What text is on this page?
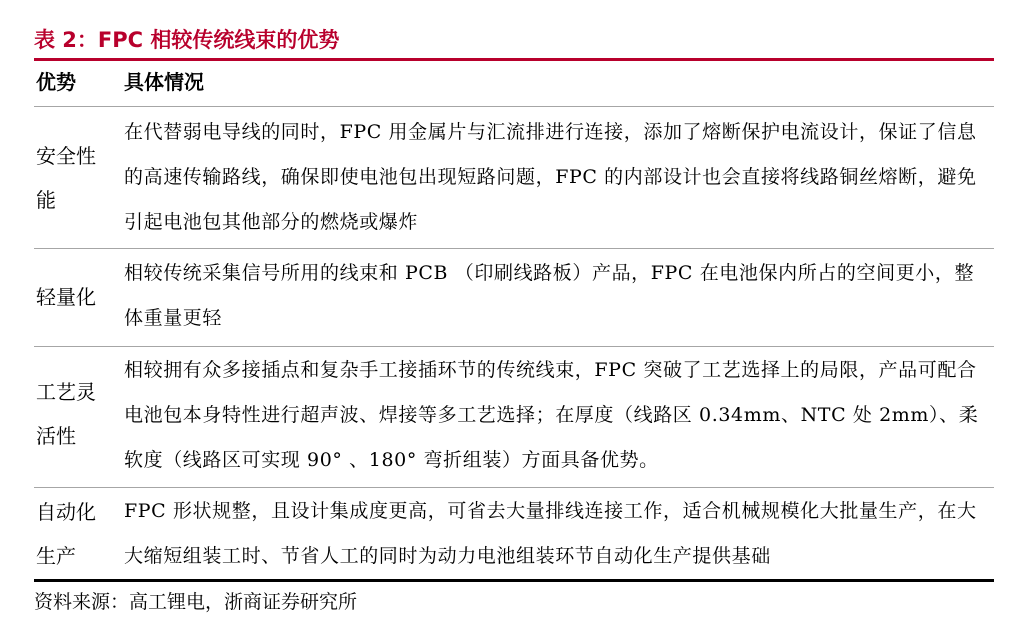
表 2：FPC 相较传统线束的优势
优势 具体情况
安全性能
在代替弱电导线的同时，FPC 用金属片与汇流排进行连接，添加了熔断保护电流设计，保证了信息的高速传输路线，确保即使电池包出现短路问题，FPC 的内部设计也会直接将线路铜丝熔断，避免引起电池包其他部分的燃烧或爆炸
轻量化
相较传统采集信号所用的线束和 PCB （印刷线路板）产品，FPC 在电池保内所占的空间更小，整体重量更轻
工艺灵活性
相较拥有众多接插点和复杂手工接插环节的传统线束，FPC 突破了工艺选择上的局限，产品可配合电池包本身特性进行超声波、焊接等多工艺选择；在厚度（线路区 0.34mm、NTC 处 2mm）、柔软度（线路区可实现 90° 、180° 弯折组装）方面具备优势。
自动化生产
FPC 形状规整，且设计集成度更高，可省去大量排线连接工作，适合机械规模化大批量生产，在大大缩短组装工时、节省人工的同时为动力电池组装环节自动化生产提供基础
资料来源：高工锂电，浙商证券研究所
